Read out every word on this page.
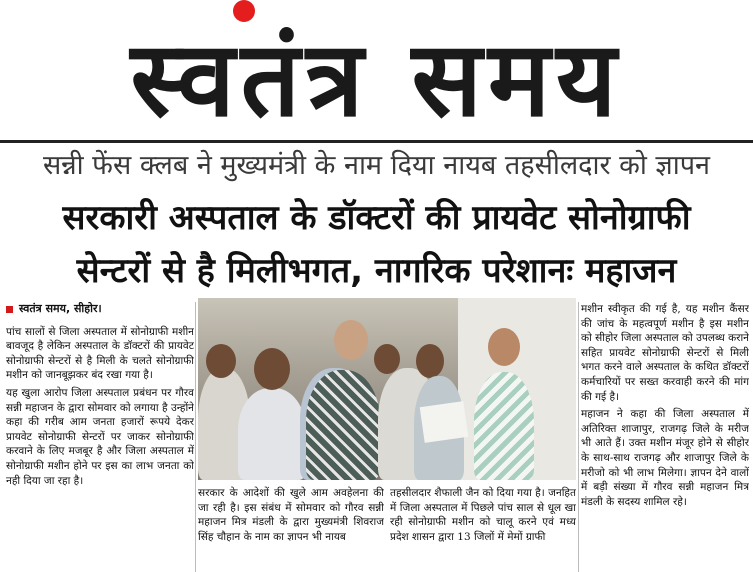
स्वतंत्र समय
सन्नी फेंस क्लब ने मुख्यमंत्री के नाम दिया नायब तहसीलदार को ज्ञापन
सरकारी अस्पताल के डॉक्टरों की प्रायवेट सोनोग्राफी
सेन्टरों से है मिलीभगत, नागरिक परेशानः महाजन
स्वतंत्र समय, सीहोर।

पांच सालों से जिला अस्पताल में सोनोग्राफी मशीन बावजूद है लेकिन अस्पताल के डॉक्टरों की प्रायवेट सोनोग्राफी सेन्टरों से है मिली के चलते सोनोग्राफी मशीन को जानबूझकर बंद रखा गया है।

यह खुला आरोप जिला अस्पताल प्रबंधन पर गौरव सन्नी महाजन के द्वारा सोमवार को लगाया है उन्होंने कहा की गरीब आम जनता हजारों रूपये देकर प्रायवेट सोनोग्राफी सेन्टरों पर जाकर सोनोग्राफी करवाने के लिए मजबूर है और जिला अस्पताल में सोनोग्राफी मशीन होने पर इस का लाभ जनता को नही दिया जा रहा है।

सरकार के आदेशों की खुले आम अवहेलना की जा रही है। इस संबंध में सोमवार को गौरव सन्नी महाजन मित्र मंडली के द्वारा मुख्यमंत्री शिवराज सिंह चौहान के नाम का ज्ञापन भी नायब

तहसीलदार शैफाली जैन को दिया गया है। जनहित में जिला अस्पताल में पिछले पांच साल से धूल खा रही सोनोग्राफी मशीन को चालू करने एवं मध्य प्रदेश शासन द्वारा 13 जिलों में मेमों ग्राफी

मशीन स्वीकृत की गई है, यह मशीन कैंसर की जांच के महत्वपूर्ण मशीन है इस मशीन को सीहोर जिला अस्पताल को उपलब्ध कराने सहित प्रायवेट सोनोग्राफी सेन्टरों से मिली भगत करने वाले अस्पताल के कथित डॉक्टरों कर्मचारियों पर सख्त करवाही करने की मांग की गई है।

महाजन ने कहा की जिला अस्पताल में अतिरिक्त शाजापुर, राजगढ़ जिले के मरीज भी आते हैं। उक्त मशीन मंजूर होने से सीहोर के साथ-साथ राजगढ़ और शाजापुर जिले के मरीजो को भी लाभ मिलेगा। ज्ञापन देने वालों में बड़ी संख्या में गौरव सन्नी महाजन मित्र मंडली के सदस्य शामिल रहे।
